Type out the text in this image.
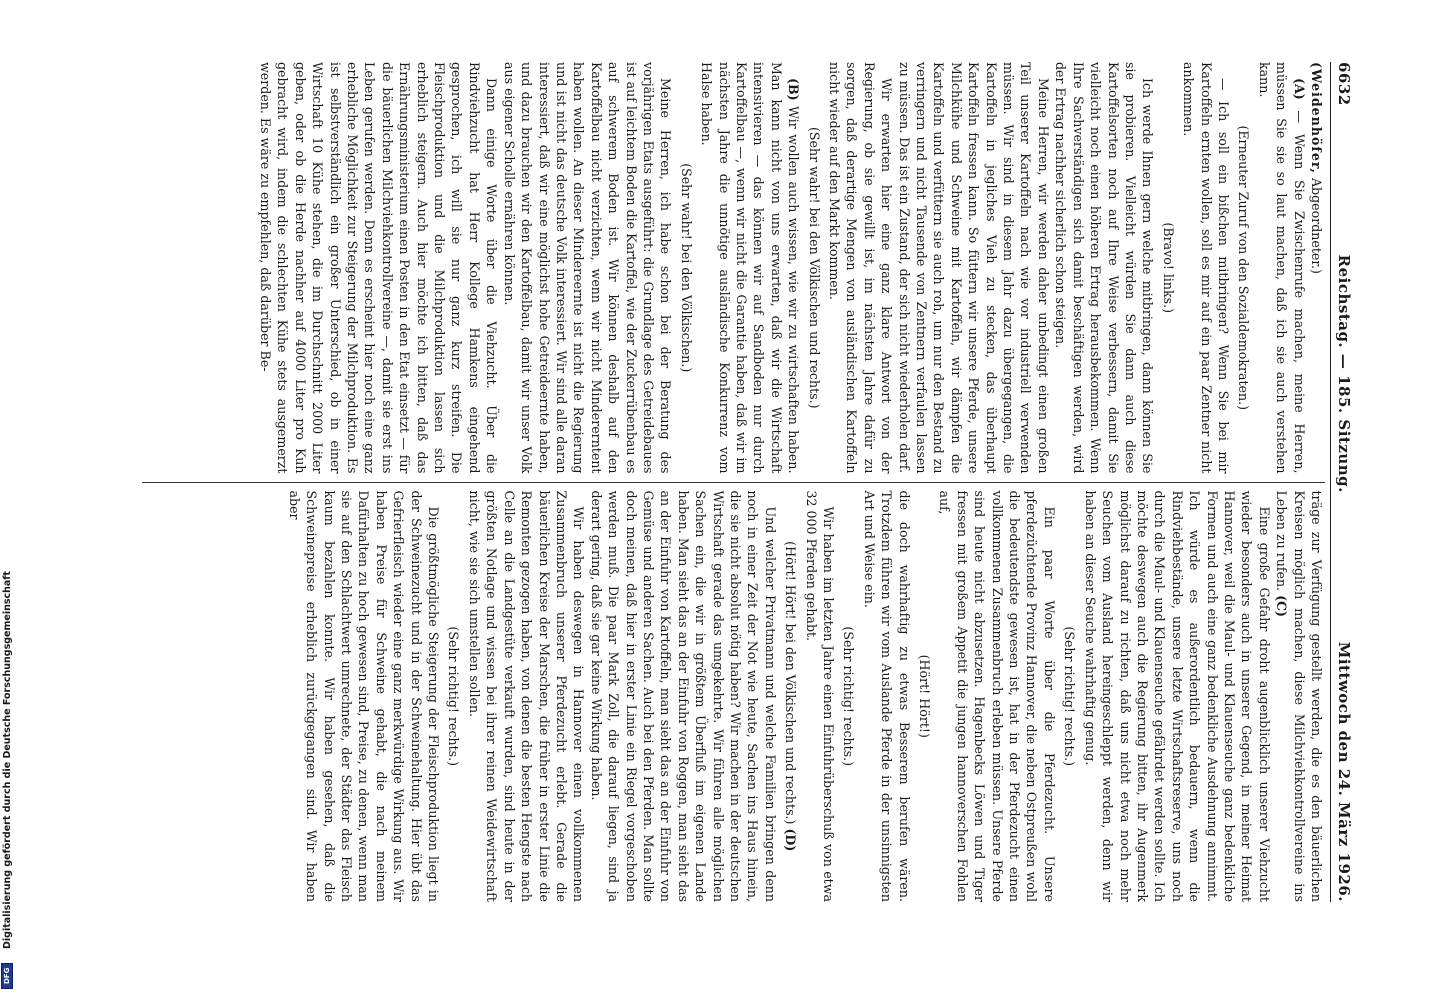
Digitalisierung gefördert durch die Deutsche Forschungsgemeinschaft
DFG
6632
Reichstag. — 185. Sitzung.
Mittwoch den 24. März 1926.

(Weidenhöfer, Abgeordneter.)

(A) — Wenn Sie Zwischenrufe machen, meine Herren, müssen Sie sie so laut machen, daß ich sie auch verstehen kann.

(Erneuter Zuruf von den Sozialdemokraten.)

— Ich soll ein bißchen mitbringen? Wenn Sie bei mir Kartoffeln ernten wollen, soll es mir auf ein paar Zentner nicht ankommen.

(Bravo! links.)

Ich werde Ihnen gern welche mitbringen, dann können Sie sie probieren. Vielleicht würden Sie dann auch diese Kartoffelsorten noch auf Ihre Weise verbessern, damit Sie vielleicht noch einen höheren Ertrag herausbekommen. Wenn Ihre Sachverständigen sich damit beschäftigen werden, wird der Ertrag nachher sicherlich schon steigen.

Meine Herren, wir werden daher unbedingt einen großen Teil unserer Kartoffeln nach wie vor industriell verwenden müssen. Wir sind in diesem Jahr dazu übergegangen, die Kartoffeln in jegliches Vieh zu stecken, das überhaupt Kartoffeln fressen kann. So füttern wir unsere Pferde, unsere Milchkühe und Schweine mit Kartoffeln, wir dämpfen die Kartoffeln und verfüttern sie auch roh, um nur den Bestand zu verringern und nicht Tausende von Zentnern verfaulen lassen zu müssen. Das ist ein Zustand, der sich nicht wiederholen darf.

Wir erwarten hier eine ganz klare Antwort von der Regierung, ob sie gewillt ist, im nächsten Jahre dafür zu sorgen, daß derartige Mengen von ausländischen Kartoffeln nicht wieder auf den Markt kommen.

(Sehr wahr! bei den Völkischen und rechts.)

(B) Wir wollen auch wissen, wie wir zu wirtschaften haben. Man kann nicht von uns erwarten, daß wir die Wirtschaft intensivieren — das können wir auf Sandboden nur durch Kartoffelbau —, wenn wir nicht die Garantie haben, daß wir im nächsten Jahre die unnötige ausländische Konkurrenz vom Halse haben.

(Sehr wahr! bei den Völkischen.)

Meine Herren, ich habe schon bei der Beratung des vorjährigen Etats ausgeführt: die Grundlage des Getreidebaues ist auf leichtem Boden die Kartoffel, wie der Zuckerrübenbau es auf schwerem Boden ist. Wir können deshalb auf den Kartoffelbau nicht verzichten, wenn wir nicht Mindererntent haben wollen. An dieser Mindereernte ist nicht die Regierung und ist nicht das deutsche Volk interessiert. Wir sind alle daran interessiert, daß wir eine möglichst hohe Getreideernte haben, und dazu brauchen wir den Kartoffelbau, damit wir unser Volk aus eigener Scholle ernähren können.

Dann einige Worte über die Viehzucht. Über die Rindviehzucht hat Herr Kollege Hamkens eingehend gesprochen, ich will sie nur ganz kurz streifen. Die Fleischproduktion und die Milchproduktion lassen sich erheblich steigern. Auch hier möchte ich bitten, daß das Ernährungsministerium einen Posten in den Etat einsetzt — für die bäuerlichen Milchviehkontrollvereine —, damit sie erst ins Leben gerufen werden. Denn es erscheint hier noch eine ganz erhebliche Möglichkeit zur Steigerung der Milchproduktion. Es ist selbstverständlich ein großer Unterschied, ob in einer Wirtschaft 10 Kühe stehen, die im Durchschnitt 2000 Liter geben, oder ob die Herde nachher auf 4000 Liter pro Kuh gebracht wird, indem die schlechten Kühe stets ausgemerzt werden. Es wäre zu empfehlen, daß darüber Be-

träge zur Verfügung gestellt werden, die es den bäuerlichen Kreisen möglich machen, diese Milchviehkontrollvereine ins Leben zu rufen. (C)

Eine große Gefahr droht augenblicklich unserer Viehzucht wieder besonders auch in unserer Gegend, in meiner Heimat Hannover, weil die Maul- und Klauenseuche ganz bedenkliche Formen und auch eine ganz bedenkliche Ausdehnung annimmt. Ich würde es außerordentlich bedauern, wenn die Rindviehbestände, unsere letzte Wirtschaftsreserve, uns noch durch die Maul- und Klauenseuche gefährdet werden sollte. Ich möchte deswegen auch die Regierung bitten, ihr Augenmerk möglichst darauf zu richten, daß uns nicht etwa noch mehr Seuchen vom Ausland hereingeschleppt werden, denn wir haben an dieser Seuche wahrhaftig genug.

(Sehr richtig! rechts.)

Ein paar Worte über die Pferdezucht. Unsere pferdezüchtende Provinz Hannover, die neben Ostpreußen wohl die bedeutendste gewesen ist, hat in der Pferdezucht einen vollkommenen Zusammenbruch erleben müssen. Unsere Pferde sind heute nicht abzusetzen. Hagenbecks Löwen und Tiger fressen mit großem Appetit die jungen hannoverschen Fohlen auf,

(Hört! Hört!)

die doch wahrhaftig zu etwas Besserem berufen wären. Trotzdem führen wir vom Auslande Pferde in der unsinnigsten Art und Weise ein.

(Sehr richtig! rechts.)

Wir haben im letzten Jahre einen Einfuhrüberschuß von etwa 32 000 Pferden gehabt.

(Hört! Hört! bei den Völkischen und rechts.) (D)

Und welcher Privatmann und welche Familien bringen denn noch in einer Zeit der Not wie heute, Sachen ins Haus hinein, die sie nicht absolut nötig haben? Wir machen in der deutschen Wirtschaft gerade das umgekehrte. Wir führen alle möglichen Sachen ein, die wir in größtem Überfluß im eigenen Lande haben. Man sieht das an der Einfuhr von Roggen, man sieht das an der Einfuhr von Kartoffeln, man sieht das an der Einfuhr von Gemüse und anderen Sachen. Auch bei den Pferden. Man sollte doch meinen, daß hier in erster Linie ein Riegel vorgeschoben werden muß. Die paar Mark Zoll, die darauf liegen, sind ja derart gering, daß sie gar keine Wirkung haben.

Wir haben deswegen in Hannover einen vollkommenen Zusammenbruch unserer Pferdezucht erlebt. Gerade die bäuerlichen Kreise der Marschen, die früher in erster Linie die Remonten gezogen haben, von denen die besten Hengste nach Celle an die Landgestüte verkauft wurden, sind heute in der größten Notlage und wissen bei ihrer reinen Weidewirtschaft nicht, wie sie sich umstellen sollen.

(Sehr richtig! rechts.)

Die größtmögliche Steigerung der Fleischproduktion liegt in der Schweinezucht und in der Schweinehaltung. Hier übt das Gefrierfleisch wieder eine ganz merkwürdige Wirkung aus. Wir haben Preise für Schweine gehabt, die nach meinem Dafürhalten zu hoch gewesen sind, Preise, zu denen, wenn man sie auf den Schlachtwert umrechnete, der Städter das Fleisch kaum bezahlen konnte. Wir haben gesehen, daß die Schweinepreise erheblich zurückgegangen sind. Wir haben aber
